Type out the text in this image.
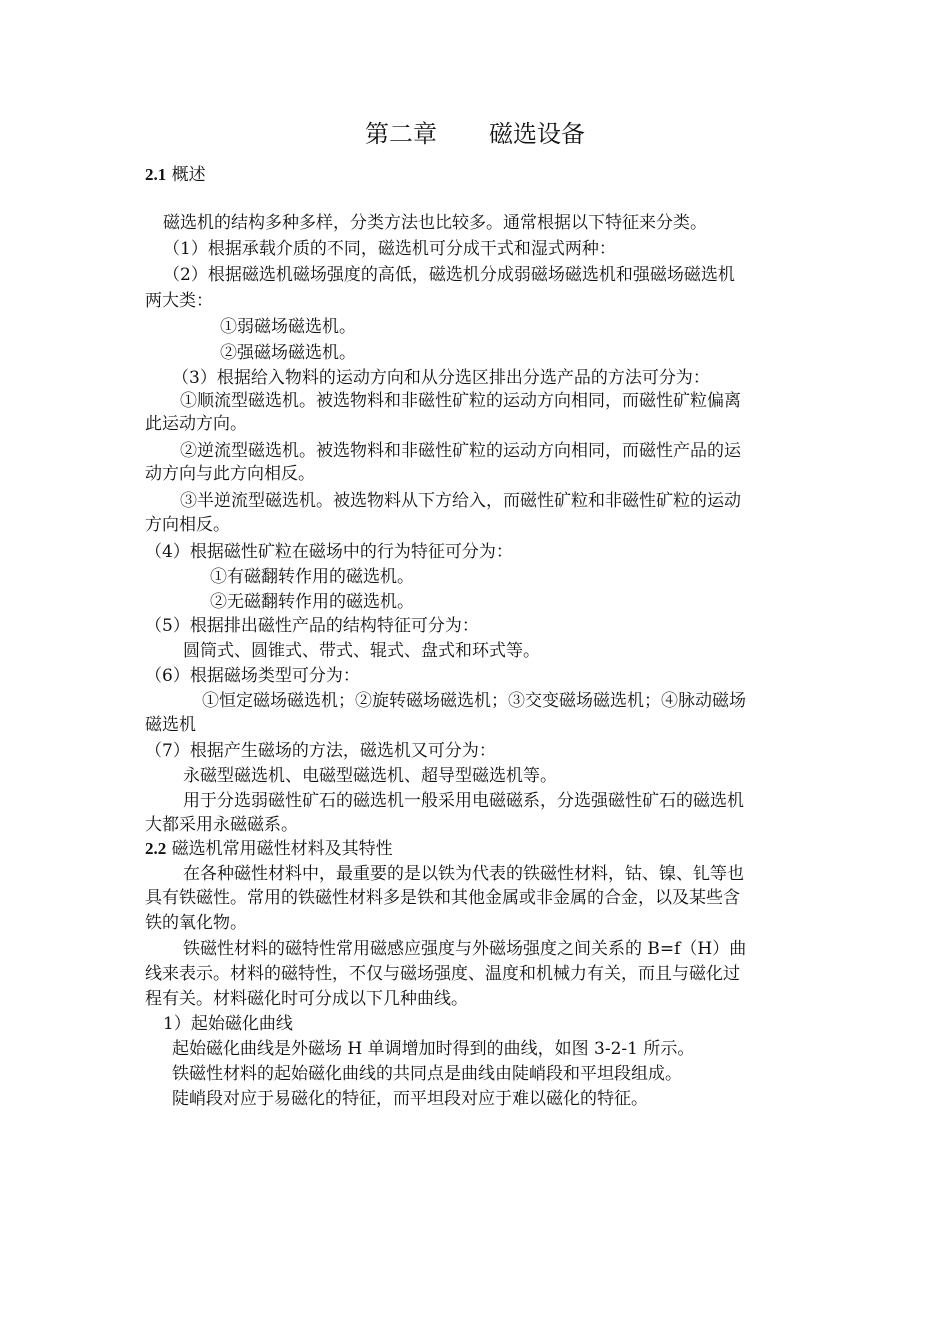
第二章 磁选设备
2.1 概述
磁选机的结构多种多样，分类方法也比较多。通常根据以下特征来分类。
（1）根据承载介质的不同，磁选机可分成干式和湿式两种：
（2）根据磁选机磁场强度的高低，磁选机分成弱磁场磁选机和强磁场磁选机
两大类：
①弱磁场磁选机。
②强磁场磁选机。
（3）根据给入物料的运动方向和从分选区排出分选产品的方法可分为：
①顺流型磁选机。被选物料和非磁性矿粒的运动方向相同，而磁性矿粒偏离
此运动方向。
②逆流型磁选机。被选物料和非磁性矿粒的运动方向相同，而磁性产品的运
动方向与此方向相反。
③半逆流型磁选机。被选物料从下方给入，而磁性矿粒和非磁性矿粒的运动
方向相反。
（4）根据磁性矿粒在磁场中的行为特征可分为：
①有磁翻转作用的磁选机。
②无磁翻转作用的磁选机。
（5）根据排出磁性产品的结构特征可分为：
圆筒式、圆锥式、带式、辊式、盘式和环式等。
（6）根据磁场类型可分为：
①恒定磁场磁选机；②旋转磁场磁选机；③交变磁场磁选机；④脉动磁场
磁选机
（7）根据产生磁场的方法，磁选机又可分为：
永磁型磁选机、电磁型磁选机、超导型磁选机等。
用于分选弱磁性矿石的磁选机一般采用电磁磁系，分选强磁性矿石的磁选机
大都采用永磁磁系。
2.2 磁选机常用磁性材料及其特性
在各种磁性材料中，最重要的是以铁为代表的铁磁性材料，钴、镍、钆等也
具有铁磁性。常用的铁磁性材料多是铁和其他金属或非金属的合金，以及某些含
铁的氧化物。
铁磁性材料的磁特性常用磁感应强度与外磁场强度之间关系的 B=f（H）曲
线来表示。材料的磁特性，不仅与磁场强度、温度和机械力有关，而且与磁化过
程有关。材料磁化时可分成以下几种曲线。
1）起始磁化曲线
起始磁化曲线是外磁场 H 单调增加时得到的曲线，如图 3-2-1 所示。
铁磁性材料的起始磁化曲线的共同点是曲线由陡峭段和平坦段组成。
陡峭段对应于易磁化的特征，而平坦段对应于难以磁化的特征。
